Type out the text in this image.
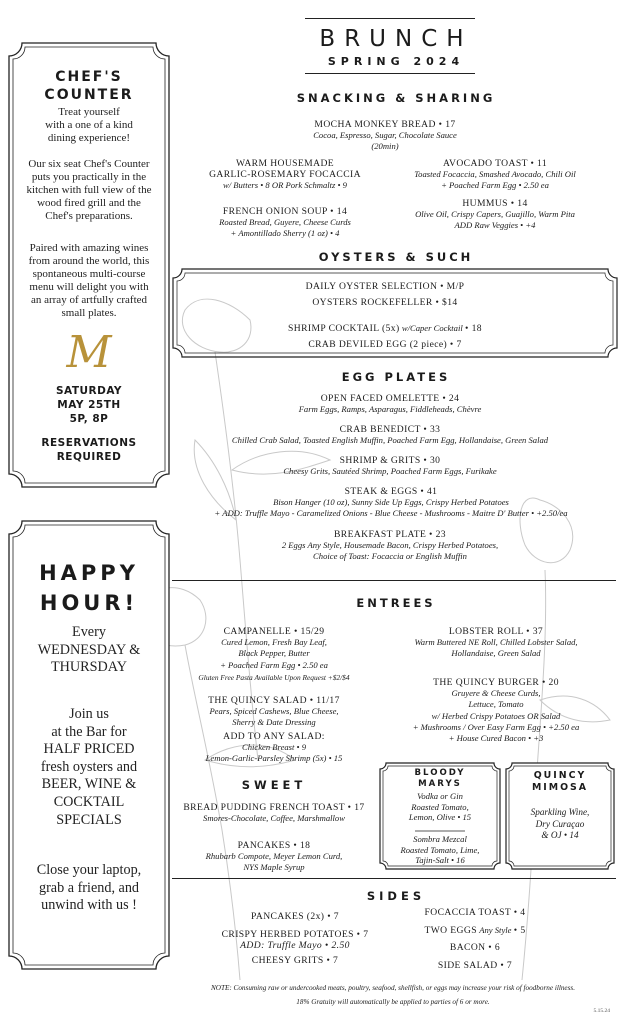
CHEF'S
COUNTER
Treat yourself
with a one of a kind
dining experience!
Our six seat Chef's Counter
puts you practically in the
kitchen with full view of the
wood fired grill and the
Chef's preparations.
Paired with amazing wines
from around the world, this
spontaneous multi-course
menu will delight you with
an array of artfully crafted
small plates.
M
SATURDAY
MAY 25TH
5P, 8P
RESERVATIONS
REQUIRED
HAPPY
HOUR!
Every
WEDNESDAY &
THURSDAY
Join us
at the Bar for
HALF PRICED
fresh oysters and
BEER, WINE &
COCKTAIL
SPECIALS
Close your laptop,
grab a friend, and
unwind with us !
BRUNCH
SPRING 2024
SNACKING & SHARING
MOCHA MONKEY BREAD • 17
Cocoa, Espresso, Sugar, Chocolate Sauce
(20min)
WARM HOUSEMADE
GARLIC-ROSEMARY FOCACCIA
w/ Butters • 8 OR Pork Schmaltz • 9
AVOCADO TOAST • 11
Toasted Focaccia, Smashed Avocado, Chili Oil
+ Poached Farm Egg • 2.50 ea
FRENCH ONION SOUP • 14
Roasted Bread, Guyere, Cheese Curds
+ Amontillado Sherry (1 oz) • 4
HUMMUS • 14
Olive Oil, Crispy Capers, Guajillo, Warm Pita
ADD Raw Veggies • +4
OYSTERS & SUCH
DAILY OYSTER SELECTION • M/P
OYSTERS ROCKEFELLER • $14
SHRIMP COCKTAIL (5x) w/Caper Cocktail • 18
CRAB DEVILED EGG (2 piece) • 7
EGG PLATES
OPEN FACED OMELETTE • 24
Farm Eggs, Ramps, Asparagus, Fiddleheads, Chèvre
CRAB BENEDICT • 33
Chilled Crab Salad, Toasted English Muffin, Poached Farm Egg, Hollandaise, Green Salad
SHRIMP & GRITS • 30
Cheesy Grits, Sautéed Shrimp, Poached Farm Eggs, Furikake
STEAK & EGGS • 41
Bison Hanger (10 oz), Sunny Side Up Eggs, Crispy Herbed Potatoes
+ ADD: Truffle Mayo - Caramelized Onions - Blue Cheese - Mushrooms - Maitre D' Butter • +2.50/ea
BREAKFAST PLATE • 23
2 Eggs Any Style, Housemade Bacon, Crispy Herbed Potatoes,
Choice of Toast: Focaccia or English Muffin
ENTREES
CAMPANELLE • 15/29
Cured Lemon, Fresh Bay Leaf,
Black Pepper, Butter
+ Poached Farm Egg • 2.50 ea
Gluten Free Pasta Available Upon Request +$2/$4
THE QUINCY SALAD • 11/17
Pears, Spiced Cashews, Blue Cheese,
Sherry & Date Dressing
ADD TO ANY SALAD:
Chicken Breast • 9
Lemon-Garlic-Parsley Shrimp (5x) • 15
LOBSTER ROLL • 37
Warm Buttered NE Roll, Chilled Lobster Salad,
Hollandaise, Green Salad
THE QUINCY BURGER • 20
Gruyere & Cheese Curds,
Lettuce, Tomato
w/ Herbed Crispy Potatoes OR Salad
+ Mushrooms / Over Easy Farm Egg • +2.50 ea
+ House Cured Bacon • +3
SWEET
BREAD PUDDING FRENCH TOAST • 17
Smores-Chocolate, Coffee, Marshmallow
PANCAKES • 18
Rhubarb Compote, Meyer Lemon Curd,
NYS Maple Syrup
BLOODY
MARYS
Vodka or Gin
Roasted Tomato,
Lemon, Olive • 15
Sombra Mezcal
Roasted Tomato, Lime,
Tajin-Salt • 16
QUINCY
MIMOSA
Sparkling Wine,
Dry Curaçao
& OJ • 14
SIDES
PANCAKES (2x) • 7
CRISPY HERBED POTATOES • 7
ADD: Truffle Mayo • 2.50
CHEESY GRITS • 7
FOCACCIA TOAST • 4
TWO EGGS Any Style • 5
BACON • 6
SIDE SALAD • 7
NOTE: Consuming raw or undercooked meats, poultry, seafood, shellfish, or eggs may increase your risk of foodborne illness.
18% Gratuity will automatically be applied to parties of 6 or more.
5.15.24
